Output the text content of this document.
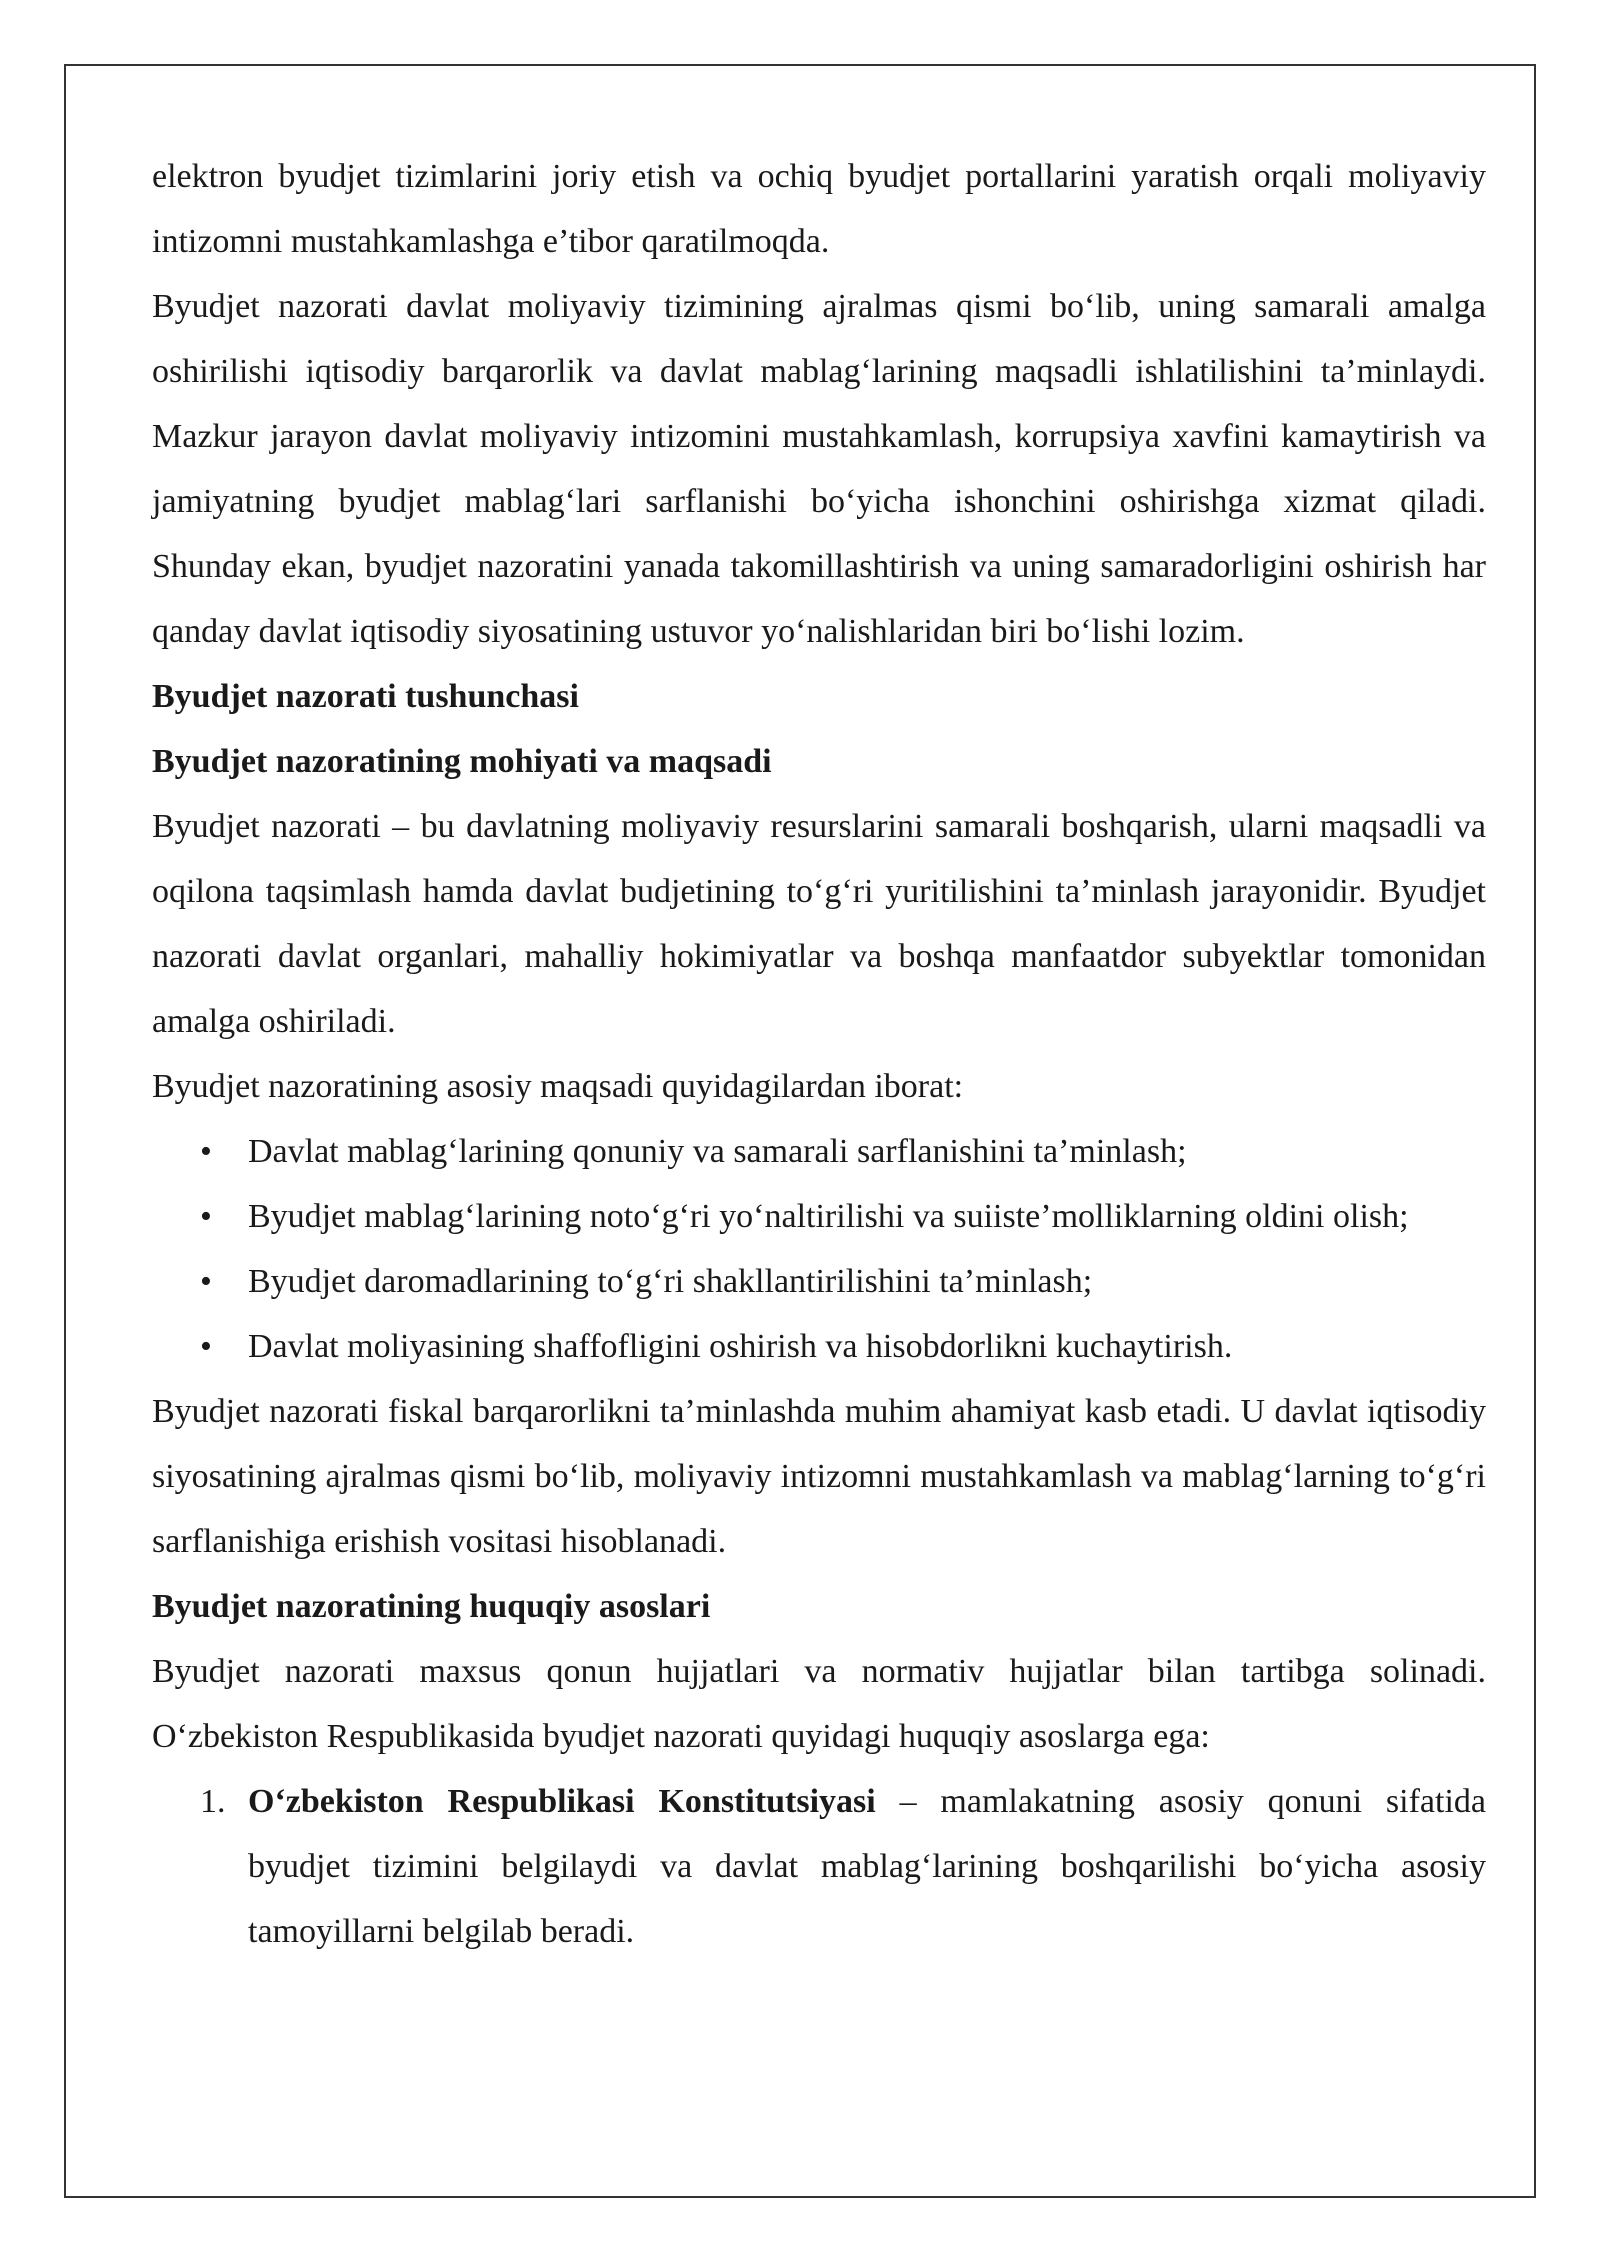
elektron byudjet tizimlarini joriy etish va ochiq byudjet portallarini yaratish orqali moliyaviy intizomni mustahkamlashga e’tibor qaratilmoqda.

Byudjet nazorati davlat moliyaviy tizimining ajralmas qismi bo‘lib, uning samarali amalga oshirilishi iqtisodiy barqarorlik va davlat mablag‘larining maqsadli ishlatilishini ta’minlaydi. Mazkur jarayon davlat moliyaviy intizomini mustahkamlash, korrupsiya xavfini kamaytirish va jamiyatning byudjet mablag‘lari sarflanishi bo‘yicha ishonchini oshirishga xizmat qiladi. Shunday ekan, byudjet nazoratini yanada takomillashtirish va uning samaradorligini oshirish har qanday davlat iqtisodiy siyosatining ustuvor yo‘nalishlaridan biri bo‘lishi lozim.

Byudjet nazorati tushunchasi
Byudjet nazoratining mohiyati va maqsadi

Byudjet nazorati – bu davlatning moliyaviy resurslarini samarali boshqarish, ularni maqsadli va oqilona taqsimlash hamda davlat budjetining to‘g‘ri yuritilishini ta’minlash jarayonidir. Byudjet nazorati davlat organlari, mahalliy hokimiyatlar va boshqa manfaatdor subyektlar tomonidan amalga oshiriladi.

Byudjet nazoratining asosiy maqsadi quyidagilardan iborat:

• Davlat mablag‘larining qonuniy va samarali sarflanishini ta’minlash;
• Byudjet mablag‘larining noto‘g‘ri yo‘naltirilishi va suiiste’molliklarning oldini olish;
• Byudjet daromadlarining to‘g‘ri shakllantirilishini ta’minlash;
• Davlat moliyasining shaffofligini oshirish va hisobdorlikni kuchaytirish.

Byudjet nazorati fiskal barqarorlikni ta’minlashda muhim ahamiyat kasb etadi. U davlat iqtisodiy siyosatining ajralmas qismi bo‘lib, moliyaviy intizomni mustahkamlash va mablag‘larning to‘g‘ri sarflanishiga erishish vositasi hisoblanadi.

Byudjet nazoratining huquqiy asoslari

Byudjet nazorati maxsus qonun hujjatlari va normativ hujjatlar bilan tartibga solinadi. O‘zbekiston Respublikasida byudjet nazorati quyidagi huquqiy asoslarga ega:

1. O‘zbekiston Respublikasi Konstitutsiyasi – mamlakatning asosiy qonuni sifatida byudjet tizimini belgilaydi va davlat mablag‘larining boshqarilishi bo‘yicha asosiy tamoyillarni belgilab beradi.
